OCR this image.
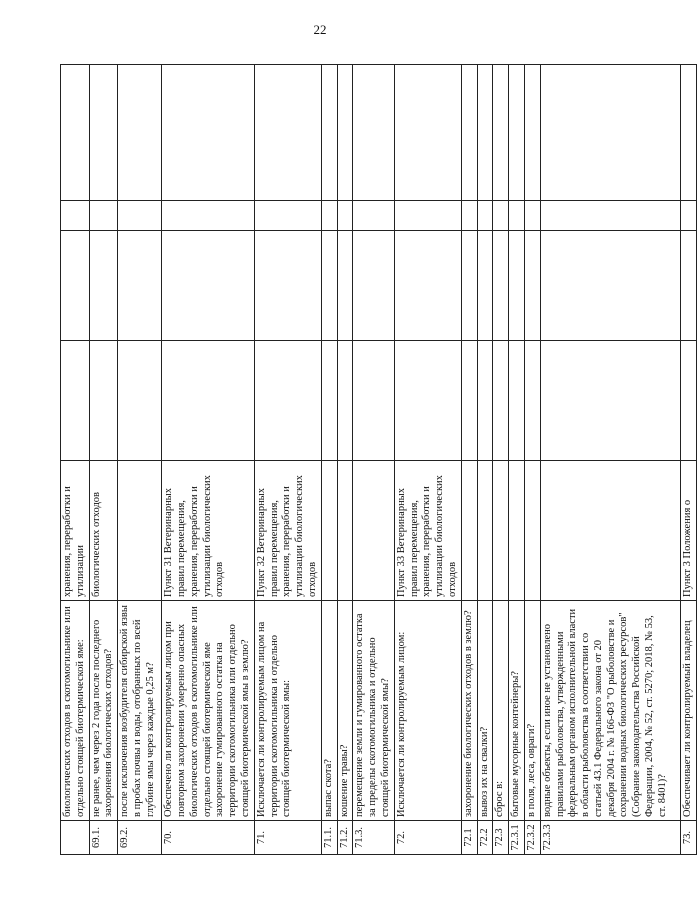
22
	биологических отходов в скотомогильнике или отдельно стоящей биотермической яме:	хранения, переработки и утилизации				
69.1.	не ранее, чем через 2 года после последнего захоронения биологических отходов?	биологических отходов				
69.2.	после исключения возбудителя сибирской язвы в пробах почвы и воды, отобранных по всей глубине ямы через каждые 0,25 м?					
70.	Обеспечено ли контролируемым лицом при повторном захоронении умеренно опасных биологических отходов в скотомогильнике или отдельно стоящей биотермической яме захоронение гумированного остатка на территории скотомогильника или отдельно стоящей биотермической ямы в землю?	Пункт 31 Ветеринарных правил перемещения, хранения, переработки и утилизации биологических отходов				
71.	Исключается ли контролируемым лицом на территории скотомогильника и отдельно стоящей биотермической ямы:	Пункт 32 Ветеринарных правил перемещения, хранения, переработки и утилизации биологических отходов				
71.1.	выпас скота?					
71.2.	кошение травы?					
71.3.	перемещение земли и гумированного остатка за пределы скотомогильника и отдельно стоящей биотермической ямы?					
72.	Исключается ли контролируемым лицом:	Пункт 33 Ветеринарных правил перемещения, хранения, переработки и утилизации биологических отходов				
72.1	захоронение биологических отходов в землю?					
72.2	вывоз их на свалки?					
72.3	сброс в:					
72.3.1	бытовые мусорные контейнеры?					
72.3.2	в поля, леса, овраги?					
72.3.3	водные объекты, если иное не установлено правилами рыболовства, утвержденными федеральным органом исполнительной власти в области рыболовства в соответствии со статьей 43.1 Федерального закона от 20 декабря 2004 г. № 166-ФЗ "О рыболовстве и сохранении водных биологических ресурсов" (Собрание законодательства Российской Федерации, 2004, № 52, ст. 5270; 2018, № 53, ст. 8401)?					
73.	Обеспечивает ли контролируемый владелец	Пункт 3 Положения о				
